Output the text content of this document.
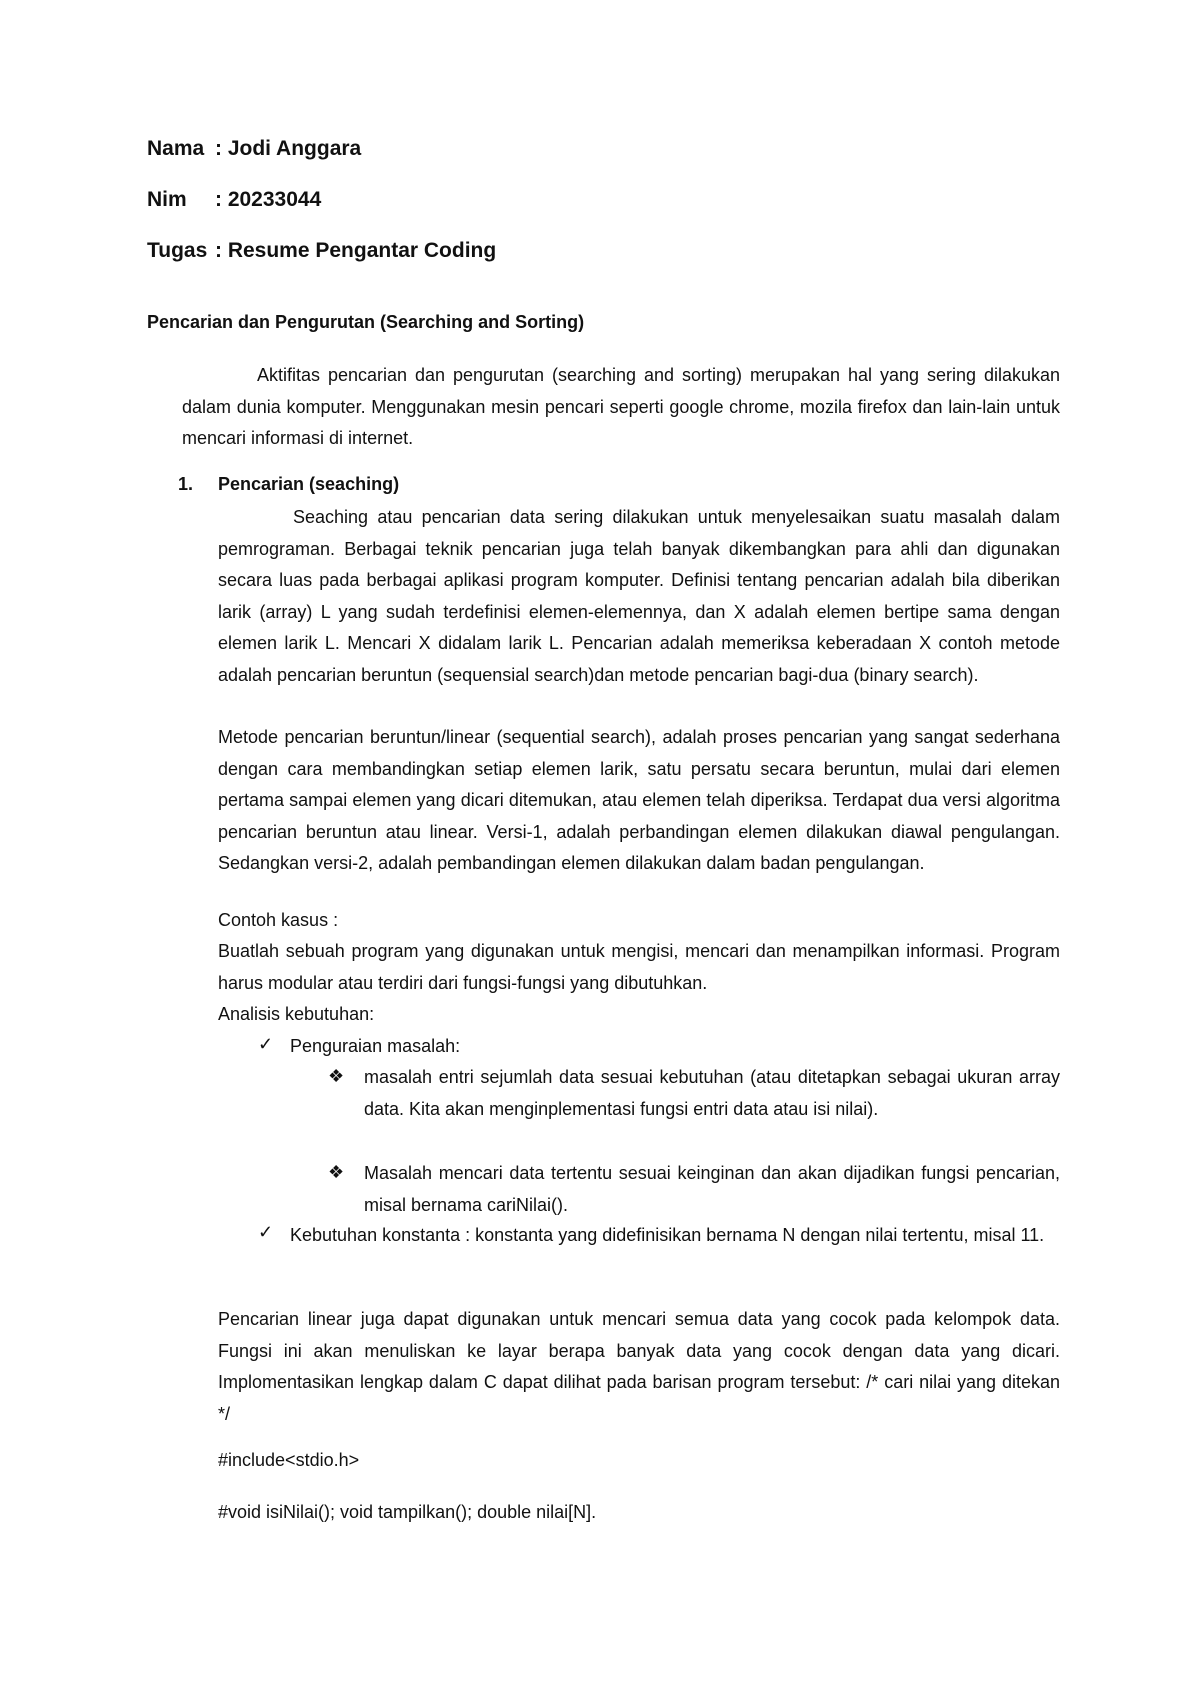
Nama : Jodi Anggara
Nim : 20233044
Tugas : Resume Pengantar Coding
Pencarian dan Pengurutan (Searching and Sorting)

Aktifitas pencarian dan pengurutan (searching and sorting) merupakan hal yang sering dilakukan dalam dunia komputer. Menggunakan mesin pencari seperti google chrome, mozila firefox dan lain-lain untuk mencari informasi di internet.

1. Pencarian (seaching)

Seaching atau pencarian data sering dilakukan untuk menyelesaikan suatu masalah dalam pemrograman. Berbagai teknik pencarian juga telah banyak dikembangkan para ahli dan digunakan secara luas pada berbagai aplikasi program komputer. Definisi tentang pencarian adalah bila diberikan larik (array) L yang sudah terdefinisi elemen-elemennya, dan X adalah elemen bertipe sama dengan elemen larik L. Mencari X didalam larik L. Pencarian adalah memeriksa keberadaan X contoh metode adalah pencarian beruntun (sequensial search)dan metode pencarian bagi-dua (binary search).

Metode pencarian beruntun/linear (sequential search), adalah proses pencarian yang sangat sederhana dengan cara membandingkan setiap elemen larik, satu persatu secara beruntun, mulai dari elemen pertama sampai elemen yang dicari ditemukan, atau elemen telah diperiksa. Terdapat dua versi algoritma pencarian beruntun atau linear. Versi-1, adalah perbandingan elemen dilakukan diawal pengulangan. Sedangkan versi-2, adalah pembandingan elemen dilakukan dalam badan pengulangan.

Contoh kasus :

Buatlah sebuah program yang digunakan untuk mengisi, mencari dan menampilkan informasi. Program harus modular atau terdiri dari fungsi-fungsi yang dibutuhkan.

Analisis kebutuhan:
✓ Penguraian masalah:
❖ masalah entri sejumlah data sesuai kebutuhan (atau ditetapkan sebagai ukuran array data. Kita akan menginplementasi fungsi entri data atau isi nilai).

❖ Masalah mencari data tertentu sesuai keinginan dan akan dijadikan fungsi pencarian, misal bernama cariNilai().

✓ Kebutuhan konstanta : konstanta yang didefinisikan bernama N dengan nilai tertentu, misal 11.

Pencarian linear juga dapat digunakan untuk mencari semua data yang cocok pada kelompok data. Fungsi ini akan menuliskan ke layar berapa banyak data yang cocok dengan data yang dicari. Implomentasikan lengkap dalam C dapat dilihat pada barisan program tersebut: /* cari nilai yang ditekan */

#include<stdio.h>
#void isiNilai(); void tampilkan(); double nilai[N].
